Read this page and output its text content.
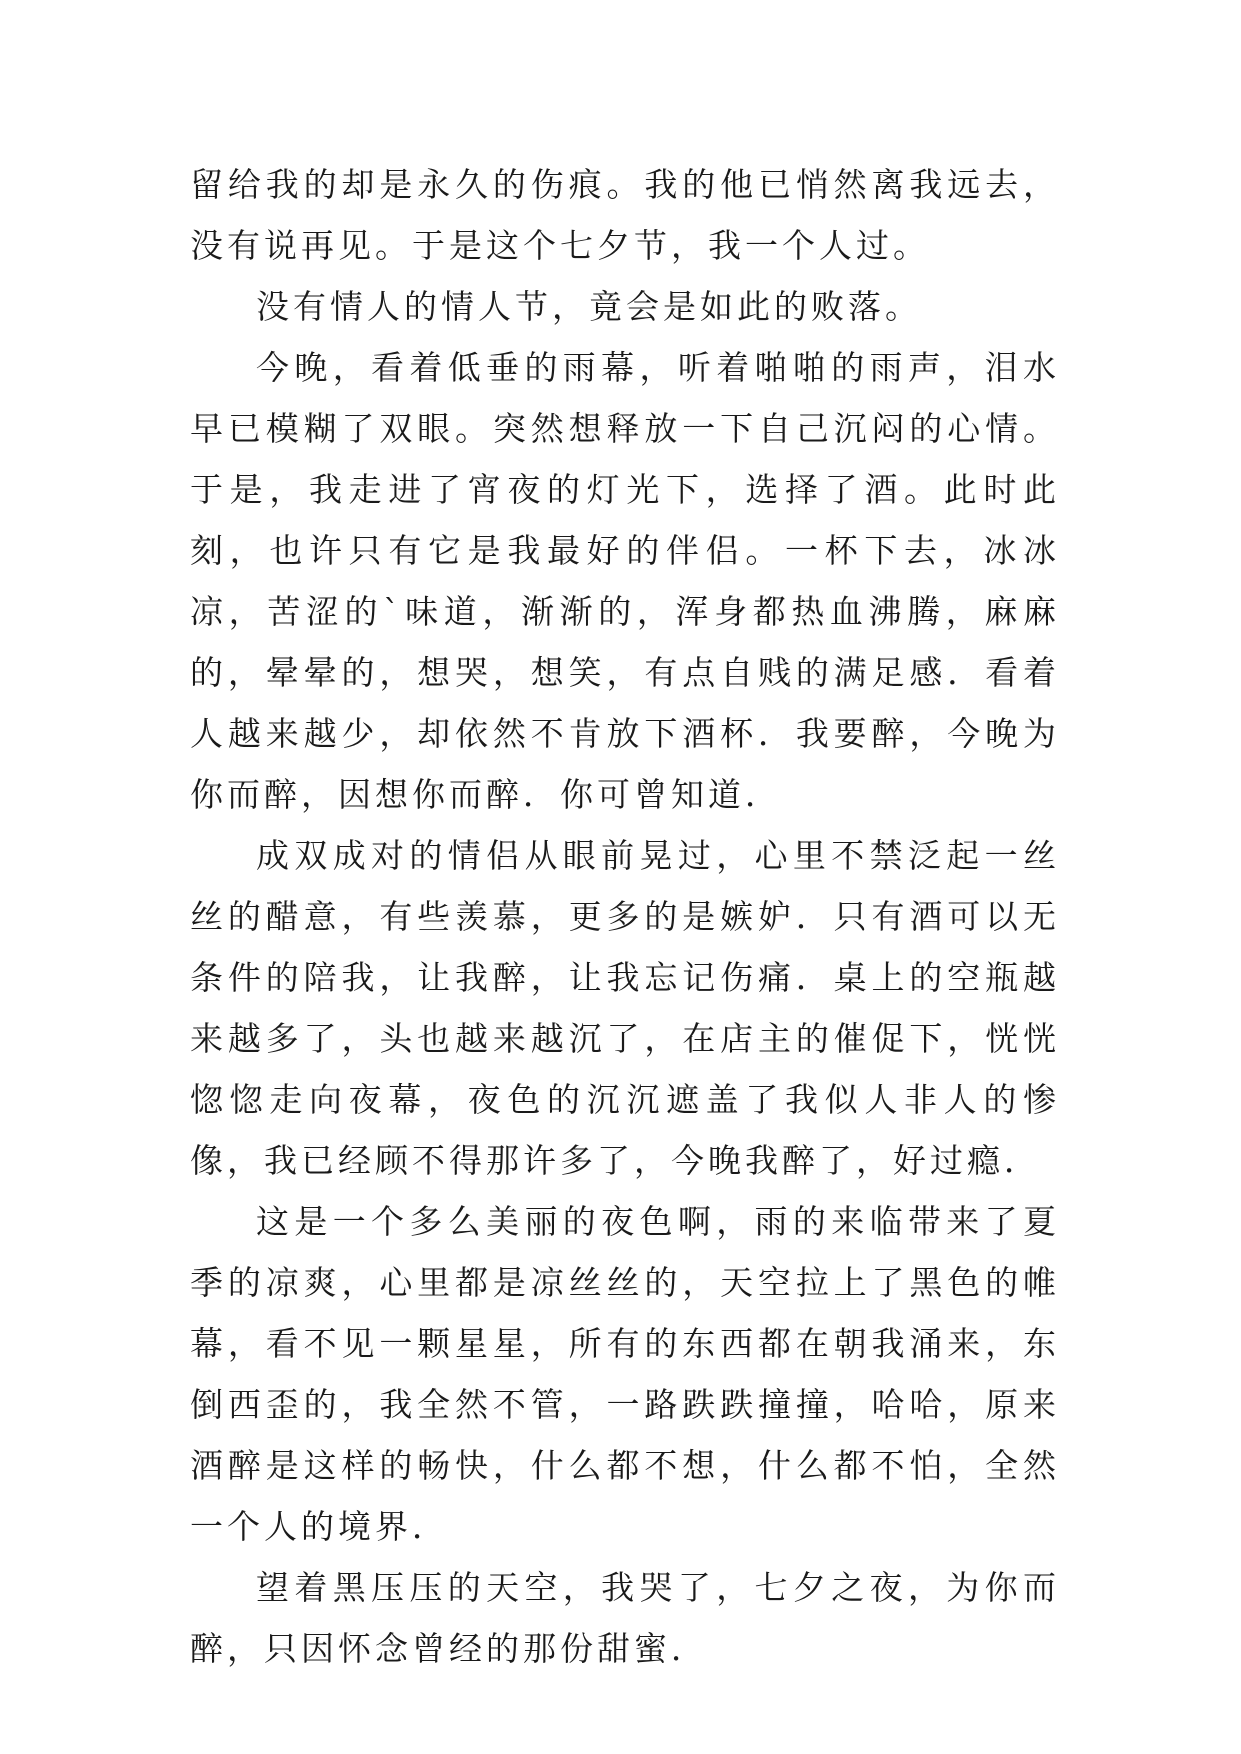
留给我的却是永久的伤痕。我的他已悄然离我远去，没有说再见。于是这个七夕节，我一个人过。

没有情人的情人节，竟会是如此的败落。

今晚，看着低垂的雨幕，听着啪啪的雨声，泪水早已模糊了双眼。突然想释放一下自己沉闷的心情。于是，我走进了宵夜的灯光下，选择了酒。此时此刻，也许只有它是我最好的伴侣。一杯下去，冰冰凉，苦涩的`味道，渐渐的，浑身都热血沸腾，麻麻的，晕晕的，想哭，想笑，有点自贱的满足感．看着人越来越少，却依然不肯放下酒杯．我要醉，今晚为你而醉，因想你而醉．你可曾知道．

成双成对的情侣从眼前晃过，心里不禁泛起一丝丝的醋意，有些羡慕，更多的是嫉妒．只有酒可以无条件的陪我，让我醉，让我忘记伤痛．桌上的空瓶越来越多了，头也越来越沉了，在店主的催促下，恍恍惚惚走向夜幕，夜色的沉沉遮盖了我似人非人的惨像，我已经顾不得那许多了，今晚我醉了，好过瘾．

这是一个多么美丽的夜色啊，雨的来临带来了夏季的凉爽，心里都是凉丝丝的，天空拉上了黑色的帷幕，看不见一颗星星，所有的东西都在朝我涌来，东倒西歪的，我全然不管，一路跌跌撞撞，哈哈，原来酒醉是这样的畅快，什么都不想，什么都不怕，全然一个人的境界．

望着黑压压的天空，我哭了，七夕之夜，为你而醉，只因怀念曾经的那份甜蜜．
